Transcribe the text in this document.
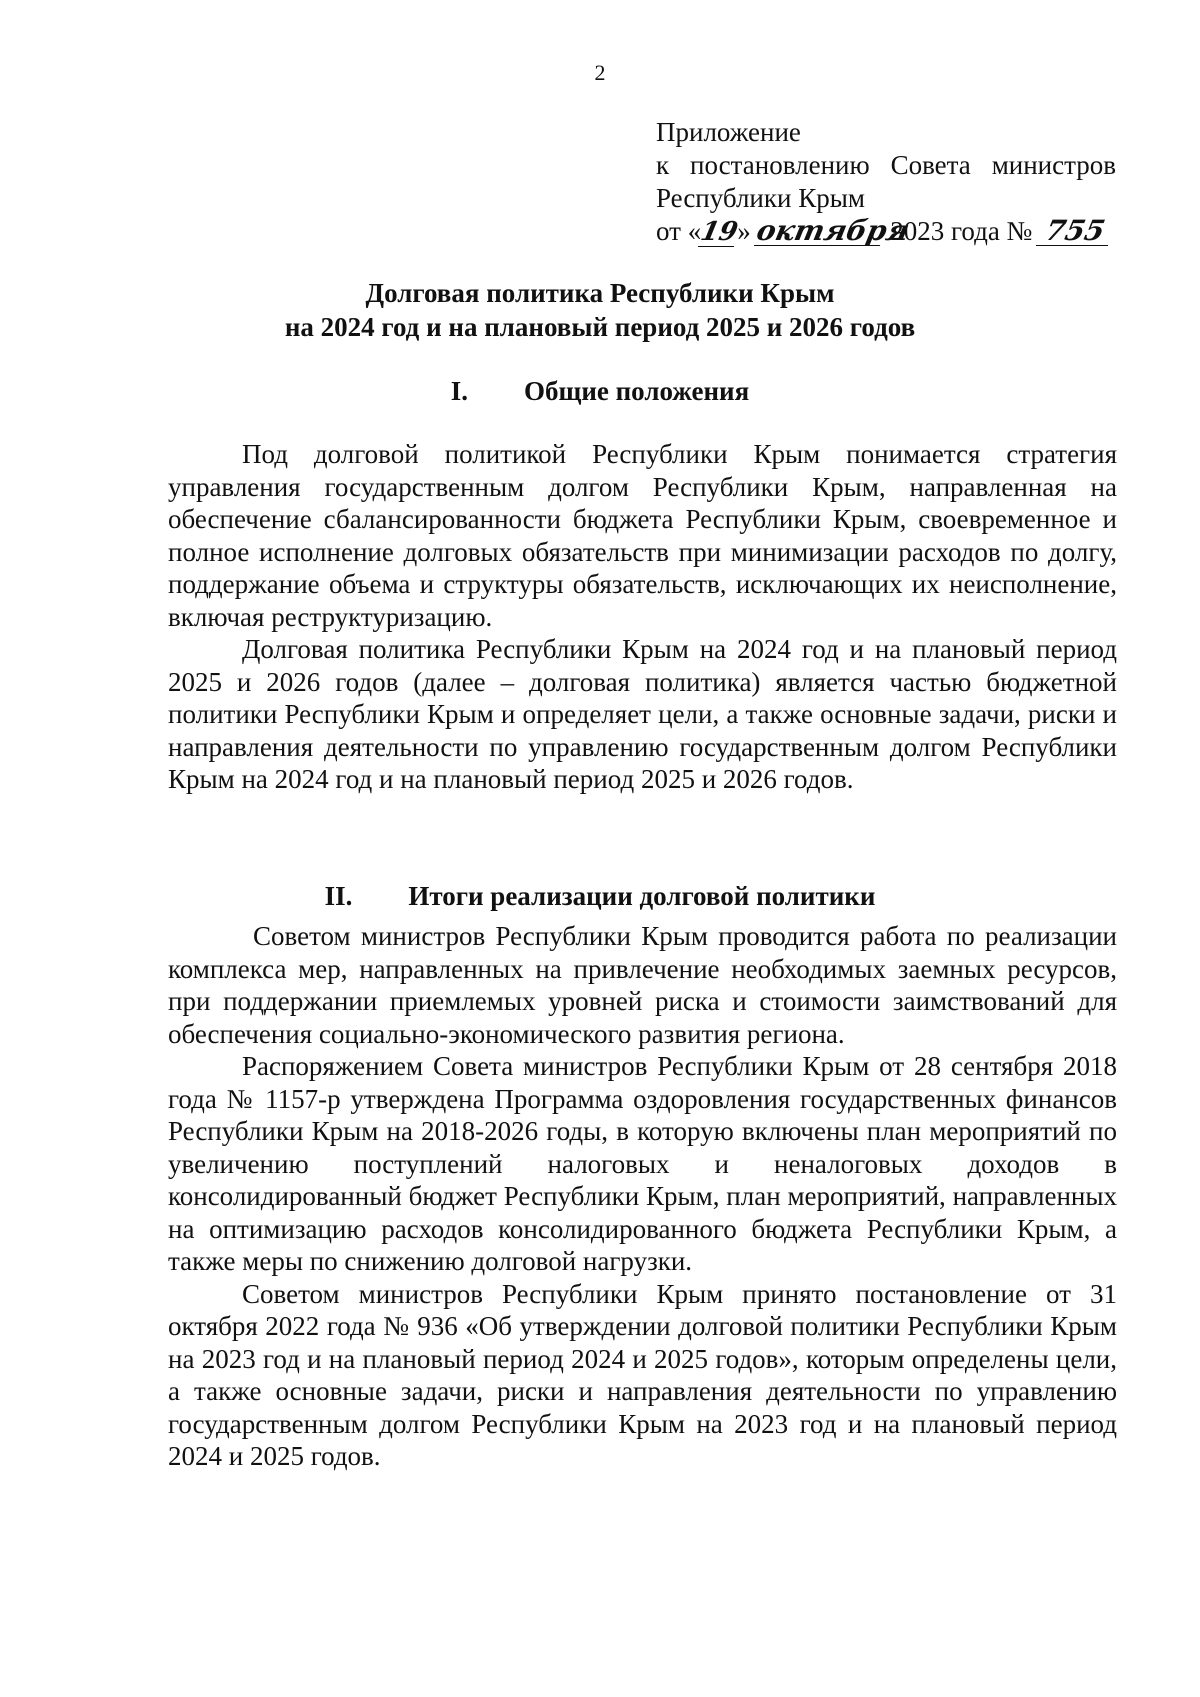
2
Приложение
к постановлению Совета министров
Республики Крым
от «19» октября 2023 года № 755
Долговая политика Республики Крым
на 2024 год и на плановый период 2025 и 2026 годов
I. Общие положения

Под долговой политикой Республики Крым понимается стратегия управления государственным долгом Республики Крым, направленная на обеспечение сбалансированности бюджета Республики Крым, своевременное и полное исполнение долговых обязательств при минимизации расходов по долгу, поддержание объема и структуры обязательств, исключающих их неисполнение, включая реструктуризацию.

Долговая политика Республики Крым на 2024 год и на плановый период 2025 и 2026 годов (далее – долговая политика) является частью бюджетной политики Республики Крым и определяет цели, а также основные задачи, риски и направления деятельности по управлению государственным долгом Республики Крым на 2024 год и на плановый период 2025 и 2026 годов.

II. Итоги реализации долговой политики

Советом министров Республики Крым проводится работа по реализации комплекса мер, направленных на привлечение необходимых заемных ресурсов, при поддержании приемлемых уровней риска и стоимости заимствований для обеспечения социально-экономического развития региона.

Распоряжением Совета министров Республики Крым от 28 сентября 2018 года № 1157-р утверждена Программа оздоровления государственных финансов Республики Крым на 2018-2026 годы, в которую включены план мероприятий по увеличению поступлений налоговых и неналоговых доходов в консолидированный бюджет Республики Крым, план мероприятий, направленных на оптимизацию расходов консолидированного бюджета Республики Крым, а также меры по снижению долговой нагрузки.

Советом министров Республики Крым принято постановление от 31 октября 2022 года № 936 «Об утверждении долговой политики Республики Крым на 2023 год и на плановый период 2024 и 2025 годов», которым определены цели, а также основные задачи, риски и направления деятельности по управлению государственным долгом Республики Крым на 2023 год и на плановый период 2024 и 2025 годов.
